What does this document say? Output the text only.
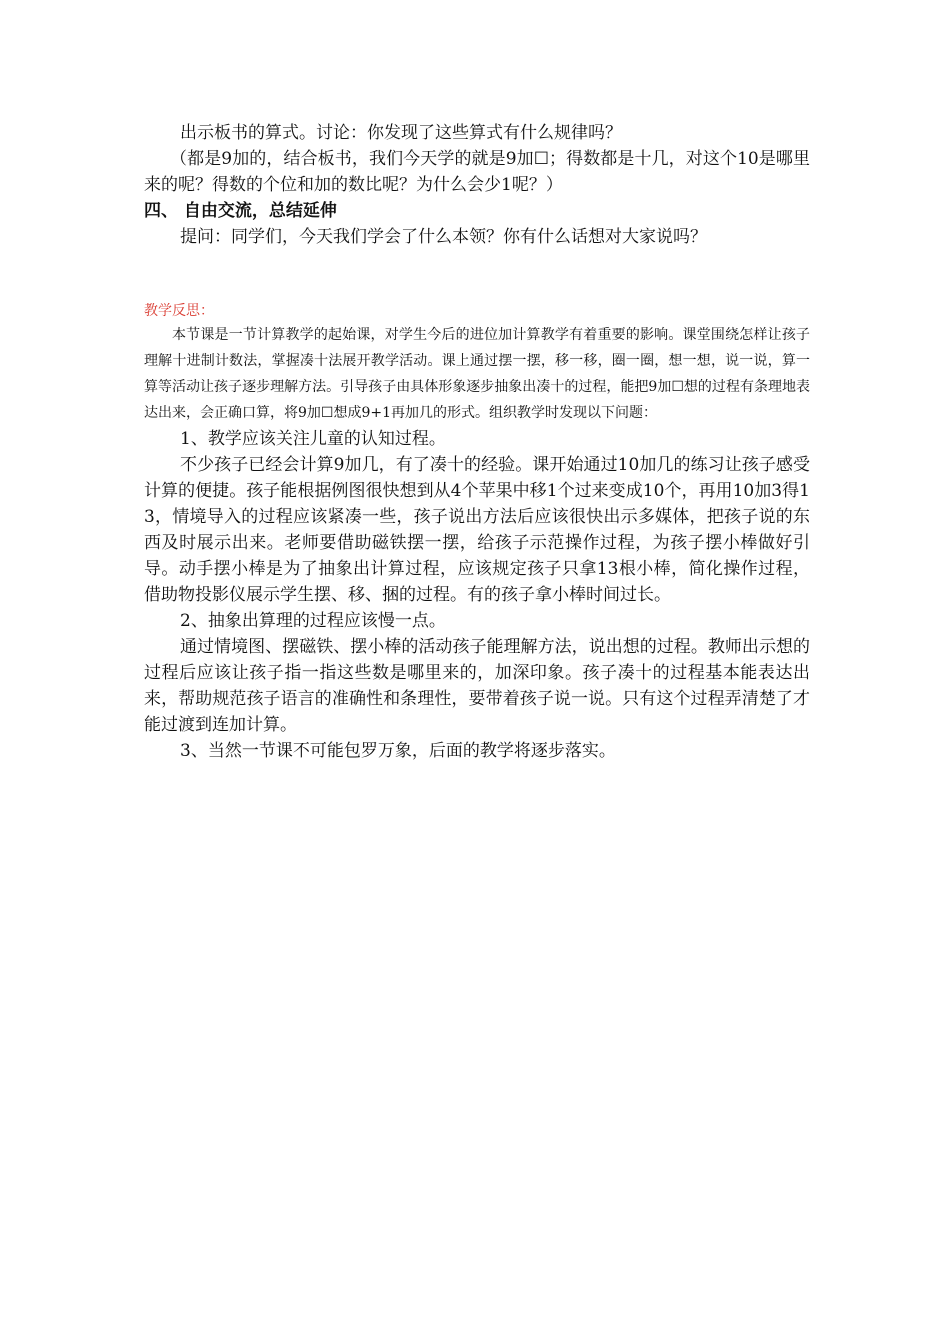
出示板书的算式。讨论：你发现了这些算式有什么规律吗？

（都是9加的，结合板书，我们今天学的就是9加☐；得数都是十几，对这个10是哪里来的呢？得数的个位和加的数比呢？为什么会少1呢？）

四、 自由交流，总结延伸

提问：同学们，今天我们学会了什么本领？你有什么话想对大家说吗？

教学反思：

本节课是一节计算教学的起始课，对学生今后的进位加计算教学有着重要的影响。课堂围绕怎样让孩子理解十进制计数法，掌握凑十法展开教学活动。课上通过摆一摆，移一移，圈一圈，想一想，说一说，算一算等活动让孩子逐步理解方法。引导孩子由具体形象逐步抽象出凑十的过程，能把9加☐想的过程有条理地表达出来，会正确口算，将9加☐想成9+1再加几的形式。组织教学时发现以下问题：

1、教学应该关注儿童的认知过程。

不少孩子已经会计算9加几，有了凑十的经验。课开始通过10加几的练习让孩子感受计算的便捷。孩子能根据例图很快想到从4个苹果中移1个过来变成10个，再用10加3得13，情境导入的过程应该紧凑一些，孩子说出方法后应该很快出示多媒体，把孩子说的东西及时展示出来。老师要借助磁铁摆一摆，给孩子示范操作过程，为孩子摆小棒做好引导。动手摆小棒是为了抽象出计算过程，应该规定孩子只拿13根小棒，简化操作过程，借助物投影仪展示学生摆、移、捆的过程。有的孩子拿小棒时间过长。

2、抽象出算理的过程应该慢一点。

通过情境图、摆磁铁、摆小棒的活动孩子能理解方法，说出想的过程。教师出示想的过程后应该让孩子指一指这些数是哪里来的，加深印象。孩子凑十的过程基本能表达出来，帮助规范孩子语言的准确性和条理性，要带着孩子说一说。只有这个过程弄清楚了才能过渡到连加计算。

3、当然一节课不可能包罗万象，后面的教学将逐步落实。
